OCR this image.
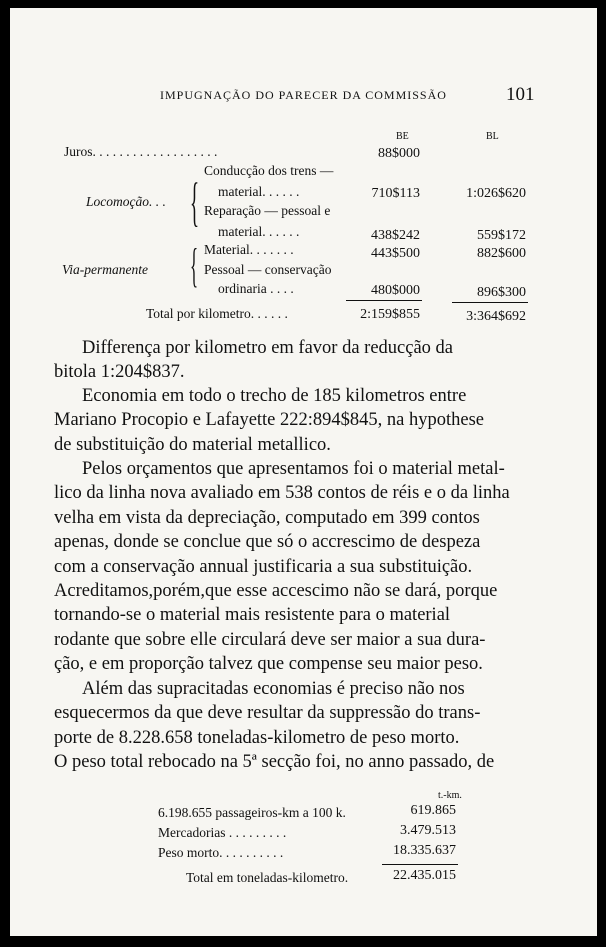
IMPUGNAÇÃO DO PARECER DA COMMISSÃO	101
BE	BL
Juros. . . . . . . . . . . . . . . . . . .	88$000
Locomoção. . . {
Conducção dos trens —
material. . . . . .	710$113	1:026$620
Reparação — pessoal e
material. . . . . .	438$242	559$172
Via-permanente { Material. . . . . . .	443$500	882$600
Pessoal — conservação
ordinaria . . . .	480$000	896$300
Total por kilometro. . . . . .	2:159$855	3:364$692
Differença por kilometro em favor da reducção da
bitola 1:204$837.
Economia em todo o trecho de 185 kilometros entre
Mariano Procopio e Lafayette 222:894$845, na hypothese
de substituição do material metallico.
Pelos orçamentos que apresentamos foi o material metal-
lico da linha nova avaliado em 538 contos de réis e o da linha
velha em vista da depreciação, computado em 399 contos
apenas, donde se conclue que só o accrescimo de despeza
com a conservação annual justificaria a sua substituição.
Acreditamos,porém,que esse accescimo não se dará, porque
tornando-se o material mais resistente para o material
rodante que sobre elle circulará deve ser maior a sua dura-
ção, e em proporção talvez que compense seu maior peso.
Além das supracitadas economias é preciso não nos
esquecermos da que deve resultar da suppressão do trans-
porte de 8.228.658 toneladas-kilometro de peso morto.
O peso total rebocado na 5ª secção foi, no anno passado, de
t.-km.
6.198.655 passageiros-km a 100 k.	619.865
Mercadorias . . . . . . . . .	3.479.513
Peso morto. . . . . . . . . .	18.335.637
Total em toneladas-kilometro.	22.435.015
